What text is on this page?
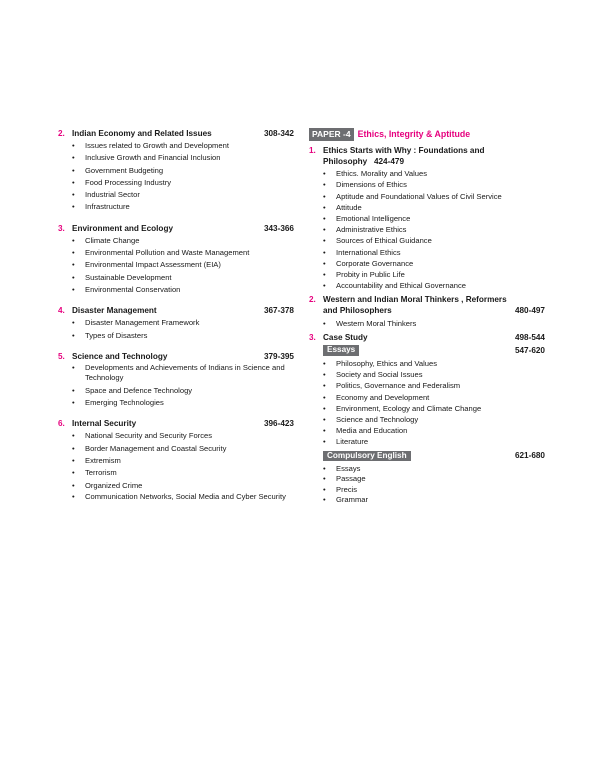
2. Indian Economy and Related Issues	308-342
• Issues related to Growth and Development
• Inclusive Growth and Financial Inclusion
• Government Budgeting
• Food Processing Industry
• Industrial Sector
• Infrastructure
3. Environment and Ecology	343-366
• Climate Change
• Environmental Pollution and Waste Management
• Environmental Impact Assessment (EIA)
• Sustainable Development
• Environmental Conservation
4. Disaster Management	367-378
• Disaster Management Framework
• Types of Disasters
5. Science and Technology	379-395
• Developments and Achievements of Indians in Science and Technology
• Space and Defence Technology
• Emerging Technologies
6. Internal Security	396-423
• National Security and Security Forces
• Border Management and Coastal Security
• Extremism
• Terrorism
• Organized Crime
• Communication Networks, Social Media and Cyber Security
PAPER -4 Ethics, Integrity & Aptitude
1. Ethics Starts with Why : Foundations and Philosophy 424-479
• Ethics. Morality and Values
• Dimensions of Ethics
• Aptitude and Foundational Values of Civil Service
• Attitude
• Emotional Intelligence
• Administrative Ethics
• Sources of Ethical Guidance
• International Ethics
• Corporate Governance
• Probity in Public Life
• Accountability and Ethical Governance
2. Western and Indian Moral Thinkers , Reformers and Philosophers	480-497
• Western Moral Thinkers
3. Case Study	498-544
Essays	547-620
• Philosophy, Ethics and Values
• Society and Social Issues
• Politics, Governance and Federalism
• Economy and Development
• Environment, Ecology and Climate Change
• Science and Technology
• Media and Education
• Literature
Compulsory English	621-680
• Essays
• Passage
• Precis
• Grammar
